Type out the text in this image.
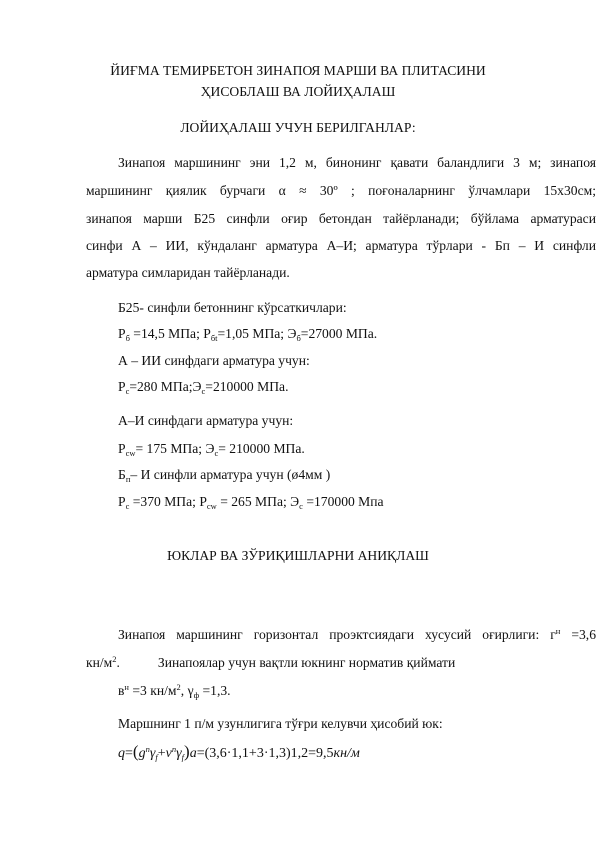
ЙИҒМА ТЕМИРБЕТОН ЗИНАПОЯ МАРШИ ВА ПЛИТАСИНИ
ҲИСОБЛАШ ВА ЛОЙИҲАЛАШ
ЛОЙИҲАЛАШ УЧУН БЕРИЛГАНЛАР:
Зинапоя маршининг эни 1,2 м, бинонинг қавати баландлиги 3 м; зинапоя
маршининг қиялик бурчаги α ≈ 30º ; поғоналарнинг ўлчамлари 15х30см;
зинапоя марши Б25 синфли оғир бетондан тайёрланади; бўйлама арматураси
синфи А – ИИ, кўндаланг арматура А–И; арматура тўрлари - Бп – И синфли
арматура симларидан тайёрланади.
Б25- синфли бетоннинг кўрсаткичлари:
$Р_б =14,5$ МПа; $Р_{бt}=1,05$ МПа; $Э_б=27000$ МПа.
А – ИИ синфдаги арматура учун:
$Р_с=280$ $МПа;Э_с=210000$ МПа.
А–И синфдаги арматура учун:
$Р_{сw}= 175$ МПа; $Э_с= 210000$ МПа.
$Б_п-$ И синфли арматура учун (ø4мм )
$Р_с =370$ МПа; $Р_{сw} = 265$ МПа; $Э_с =170000$ Мпа
ЮКЛАР ВА ЗЎРИҚИШЛАРНИ АНИҚЛАШ
Зинапоя маршининг горизонтал проэктсиядаги хусусий оғирлиги: $г^н =3,6$
$кн/м^2$.	Зинапоялар учун вақтли юкнинг норматив қиймати
$в^н =3$ $кн/м^2$, $\gamma_ф =1,3$.
Маршнинг 1 п/м узунлигига тўғри келувчи ҳисобий юк:
$q=(g^n\gamma_f+v^n\gamma_f)a=(3,6\cdot 1,1+3\cdot 1,3)1,2=9,5кн/м$
